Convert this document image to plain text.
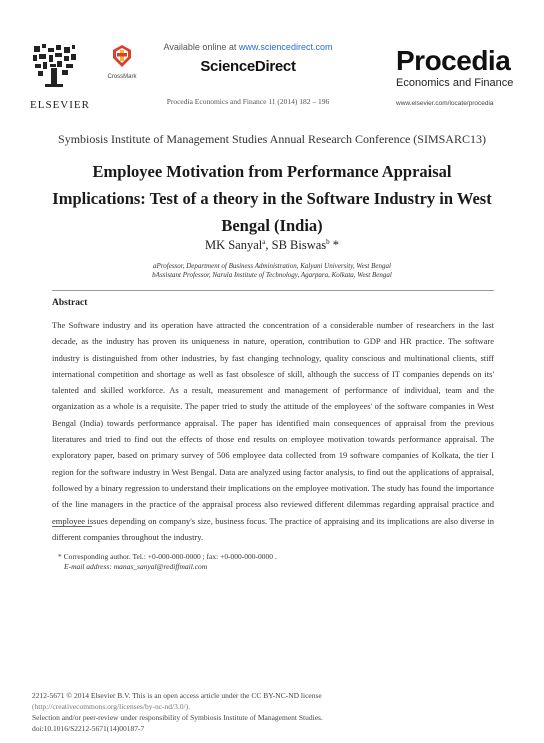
ELSEVIER
CrossMark
Available online at www.sciencedirect.com
ScienceDirect
Procedia Economics and Finance 11 (2014) 182 – 196
Procedia
Economics and Finance
www.elsevier.com/locate/procedia
Symbiosis Institute of Management Studies Annual Research Conference (SIMSARC13)
Employee Motivation from Performance Appraisal Implications: Test of a theory in the Software Industry in West Bengal (India)
MK Sanyal$^a$, SB Biswas$^b$ *
aProfessor, Department of Business Administration, Kalyani University, West Bengal
bAssistant Professor, Narula Institute of Technology, Agarpara, Kolkata, West Bengal
Abstract
The Software industry and its operation have attracted the concentration of a considerable number of researchers in the last decade, as the industry has proven its uniqueness in nature, operation, contribution to GDP and HR practice. The software industry is distinguished from other industries, by fast changing technology, quality conscious and multinational clients, stiff international competition and shortage as well as fast obsolesce of skill, although the success of IT companies depends on its' talented and skilled workforce. As a result, measurement and management of performance of individual, team and the organization as a whole is a requisite. The paper tried to study the attitude of the employees' of the software companies in West Bengal (India) towards performance appraisal. The paper has identified main consequences of appraisal from the previous literatures and tried to find out the effects of those end results on employee motivation towards performance appraisal. The exploratory paper, based on primary survey of 506 employee data collected from 19 software companies of Kolkata, the tier I region for the software industry in West Bengal. Data are analyzed using factor analysis, to find out the applications of appraisal, followed by a binary regression to understand their implications on the employee motivation. The study has found the importance of the line managers in the practice of the appraisal process also reviewed different dilemmas regarding appraisal practice and employee issues depending on company's size, business focus. The practice of appraising and its implications are also diverse in different companies throughout the industry.
* Corresponding author. Tel.: +0-000-000-0000 ; fax: +0-000-000-0000 .
E-mail address: manas_sanyal@rediffmail.com
2212-5671 © 2014 Elsevier B.V. This is an open access article under the CC BY-NC-ND license
(http://creativecommons.org/licenses/by-nc-nd/3.0/).
Selection and/or peer-review under responsibility of Symbiosis Institute of Management Studies.
doi:10.1016/S2212-5671(14)00187-7
